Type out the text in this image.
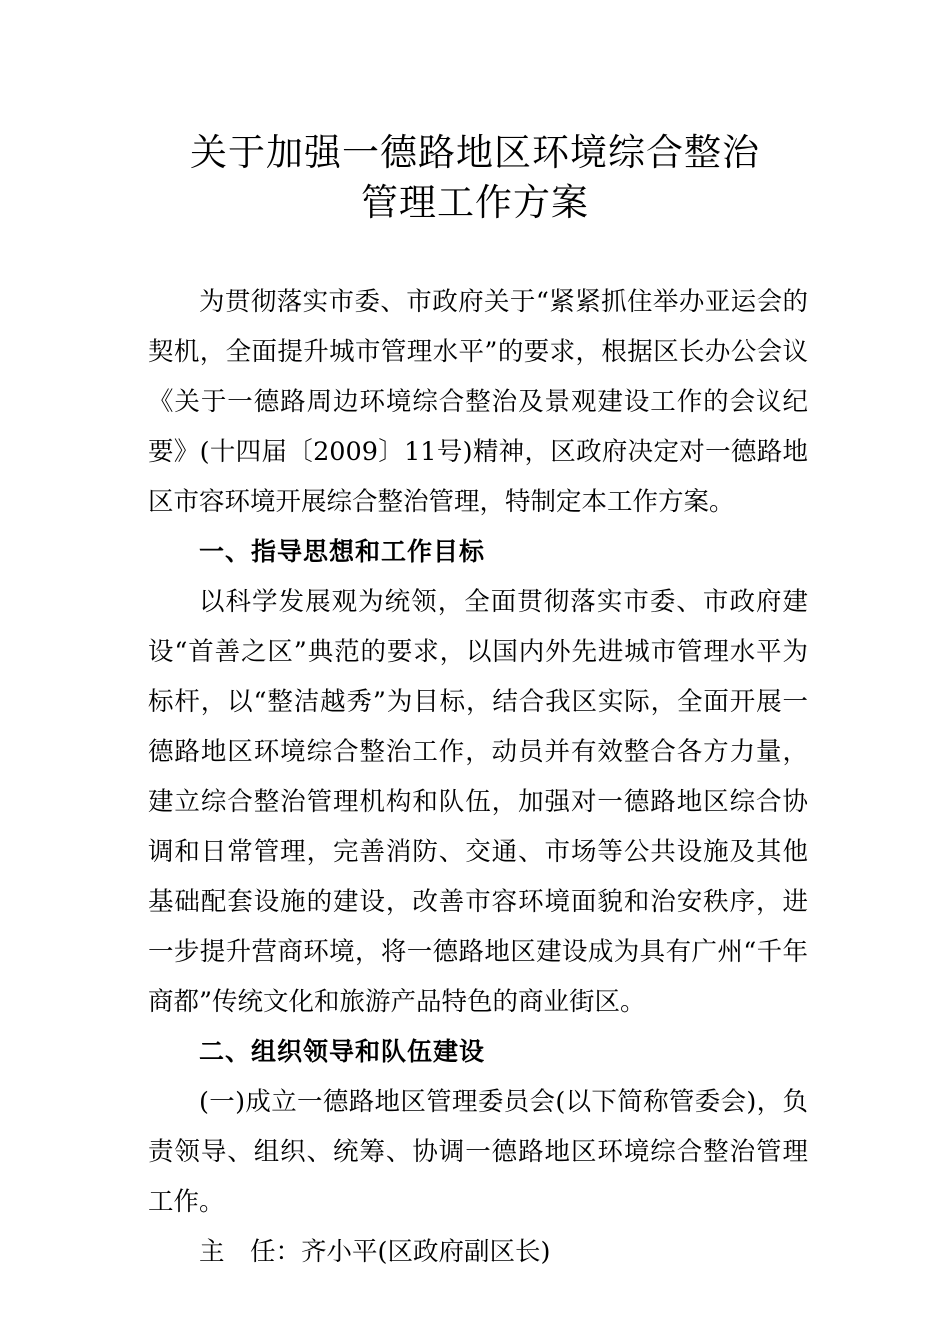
关于加强一德路地区环境综合整治
管理工作方案

为贯彻落实市委、市政府关于“紧紧抓住举办亚运会的契机，全面提升城市管理水平”的要求，根据区长办公会议《关于一德路周边环境综合整治及景观建设工作的会议纪要》(十四届〔2009〕11号)精神，区政府决定对一德路地区市容环境开展综合整治管理，特制定本工作方案。

一、指导思想和工作目标

以科学发展观为统领，全面贯彻落实市委、市政府建设“首善之区”典范的要求，以国内外先进城市管理水平为标杆，以“整洁越秀”为目标，结合我区实际，全面开展一德路地区环境综合整治工作，动员并有效整合各方力量，建立综合整治管理机构和队伍，加强对一德路地区综合协调和日常管理，完善消防、交通、市场等公共设施及其他基础配套设施的建设，改善市容环境面貌和治安秩序，进一步提升营商环境，将一德路地区建设成为具有广州“千年商都”传统文化和旅游产品特色的商业街区。

二、组织领导和队伍建设

(一)成立一德路地区管理委员会(以下简称管委会)，负责领导、组织、统筹、协调一德路地区环境综合整治管理工作。

主　任：齐小平(区政府副区长)
